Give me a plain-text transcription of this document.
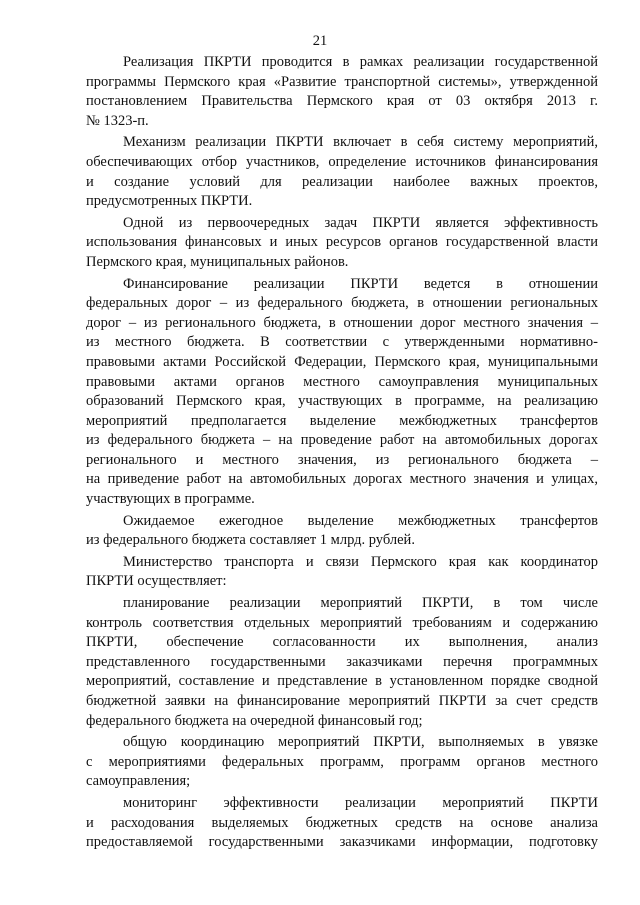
21
Реализация ПКРТИ проводится в рамках реализации государственной
программы Пермского края «Развитие транспортной системы», утвержденной
постановлением Правительства Пермского края от 03 октября 2013 г.
№ 1323-п.
Механизм реализации ПКРТИ включает в себя систему мероприятий,
обеспечивающих отбор участников, определение источников финансирования
и создание условий для реализации наиболее важных проектов,
предусмотренных ПКРТИ.
Одной из первоочередных задач ПКРТИ является эффективность
использования финансовых и иных ресурсов органов государственной власти
Пермского края, муниципальных районов.
Финансирование реализации ПКРТИ ведется в отношении
федеральных дорог – из федерального бюджета, в отношении региональных
дорог – из регионального бюджета, в отношении дорог местного значения –
из местного бюджета. В соответствии с утвержденными нормативно-
правовыми актами Российской Федерации, Пермского края, муниципальными
правовыми актами органов местного самоуправления муниципальных
образований Пермского края, участвующих в программе, на реализацию
мероприятий предполагается выделение межбюджетных трансфертов
из федерального бюджета – на проведение работ на автомобильных дорогах
регионального и местного значения, из регионального бюджета –
на приведение работ на автомобильных дорогах местного значения и улицах,
участвующих в программе.
Ожидаемое ежегодное выделение межбюджетных трансфертов
из федерального бюджета составляет 1 млрд. рублей.
Министерство транспорта и связи Пермского края как координатор
ПКРТИ осуществляет:
планирование реализации мероприятий ПКРТИ, в том числе
контроль соответствия отдельных мероприятий требованиям и содержанию
ПКРТИ, обеспечение согласованности их выполнения, анализ
представленного государственными заказчиками перечня программных
мероприятий, составление и представление в установленном порядке сводной
бюджетной заявки на финансирование мероприятий ПКРТИ за счет средств
федерального бюджета на очередной финансовый год;
общую координацию мероприятий ПКРТИ, выполняемых в увязке
с мероприятиями федеральных программ, программ органов местного
самоуправления;
мониторинг эффективности реализации мероприятий ПКРТИ
и расходования выделяемых бюджетных средств на основе анализа
предоставляемой государственными заказчиками информации, подготовку
